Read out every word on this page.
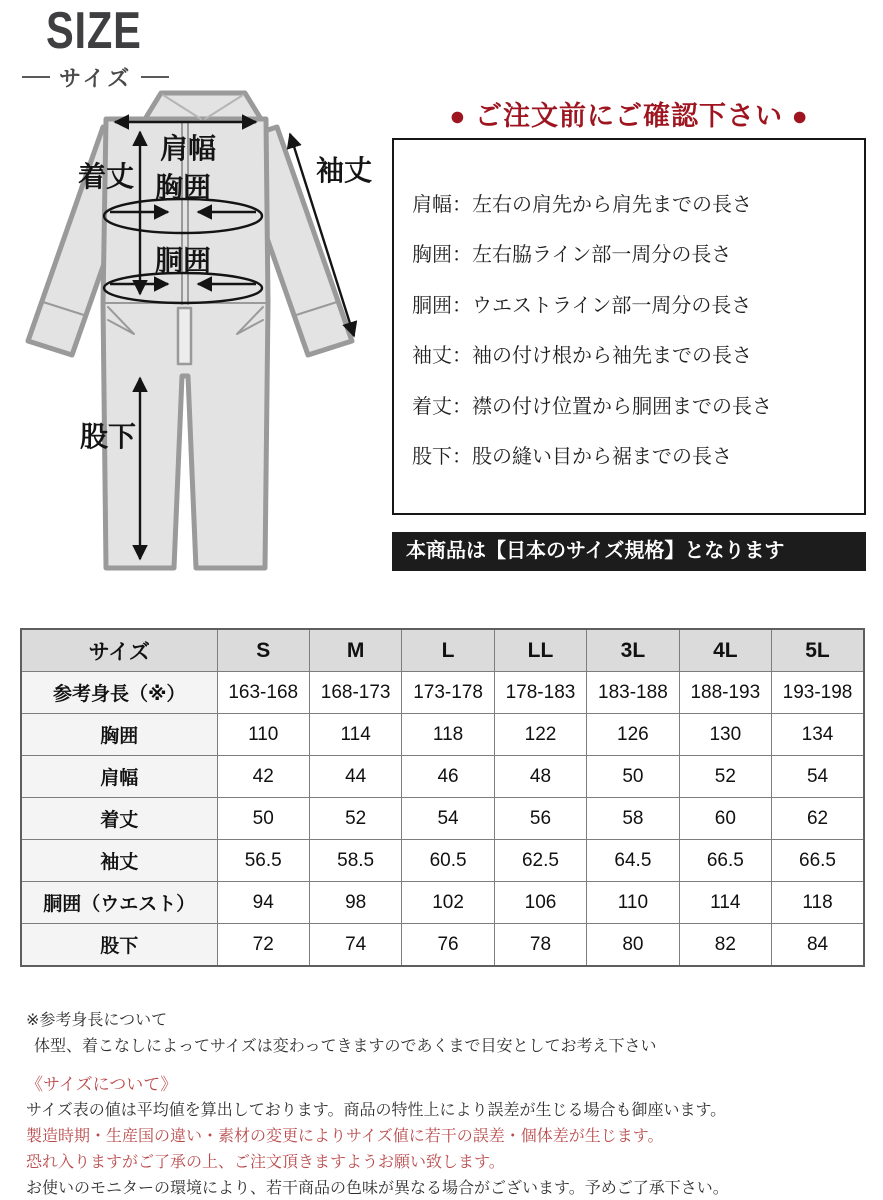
SIZE
サイズ
肩幅
着丈 胸囲
袖丈
胴囲
股下
● ご注文前にご確認下さい ●
肩幅：左右の肩先から肩先までの長さ
胸囲：左右脇ライン部一周分の長さ
胴囲：ウエストライン部一周分の長さ
袖丈：袖の付け根から袖先までの長さ
着丈：襟の付け位置から胴囲までの長さ
股下：股の縫い目から裾までの長さ
本商品は【日本のサイズ規格】となります
サイズ	S	M	L	LL	3L	4L	5L
参考身長（※）	163-168	168-173	173-178	178-183	183-188	188-193	193-198
胸囲	110	114	118	122	126	130	134
肩幅	42	44	46	48	50	52	54
着丈	50	52	54	56	58	60	62
袖丈	56.5	58.5	60.5	62.5	64.5	66.5	66.5
胴囲（ウエスト）	94	98	102	106	110	114	118
股下	72	74	76	78	80	82	84

※参考身長について

体型、着こなしによってサイズは変わってきますのであくまで目安としてお考え下さい

《サイズについて》

サイズ表の値は平均値を算出しております。商品の特性上により誤差が生じる場合も御座います。

製造時期・生産国の違い・素材の変更によりサイズ値に若干の誤差・個体差が生じます。

恐れ入りますがご了承の上、ご注文頂きますようお願い致します。

お使いのモニターの環境により、若干商品の色味が異なる場合がございます。予めご了承下さい。
